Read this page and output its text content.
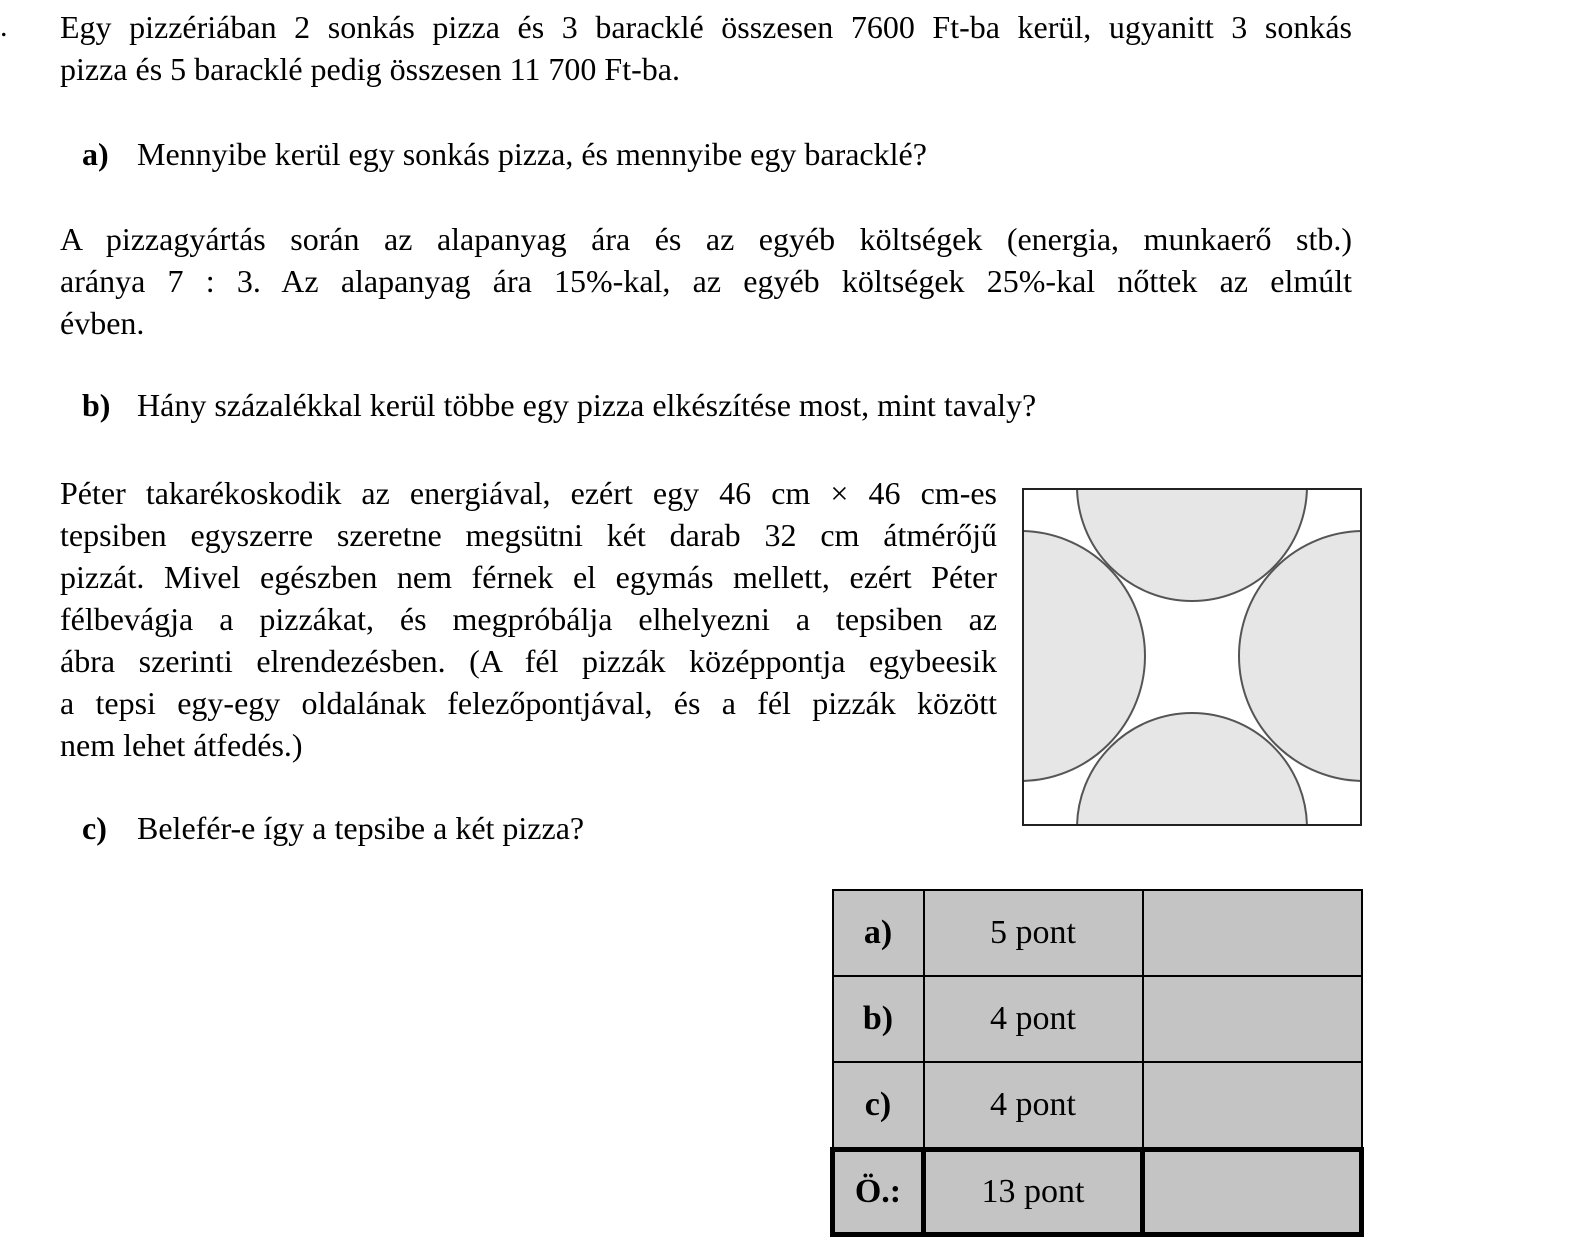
. Egy pizzériában 2 sonkás pizza és 3 baracklé összesen 7600 Ft-ba kerül, ugyanitt 3 sonkás
pizza és 5 baracklé pedig összesen 11 700 Ft-ba.
a) Mennyibe kerül egy sonkás pizza, és mennyibe egy baracklé?
A pizzagyártás során az alapanyag ára és az egyéb költségek (energia, munkaerő stb.)
aránya 7 : 3. Az alapanyag ára 15%-kal, az egyéb költségek 25%-kal nőttek az elmúlt
évben.
b) Hány százalékkal kerül többe egy pizza elkészítése most, mint tavaly?
Péter takarékoskodik az energiával, ezért egy 46 cm × 46 cm-es
tepsiben egyszerre szeretne megsütni két darab 32 cm átmérőjű
pizzát. Mivel egészben nem férnek el egymás mellett, ezért Péter
félbevágja a pizzákat, és megpróbálja elhelyezni a tepsiben az
ábra szerinti elrendezésben. (A fél pizzák középpontja egybeesik
a tepsi egy-egy oldalának felezőpontjával, és a fél pizzák között
nem lehet átfedés.)
c) Belefér-e így a tepsibe a két pizza?
a)	5 pont	
b)	4 pont	
c)	4 pont	
Ö.:	13 pont	
